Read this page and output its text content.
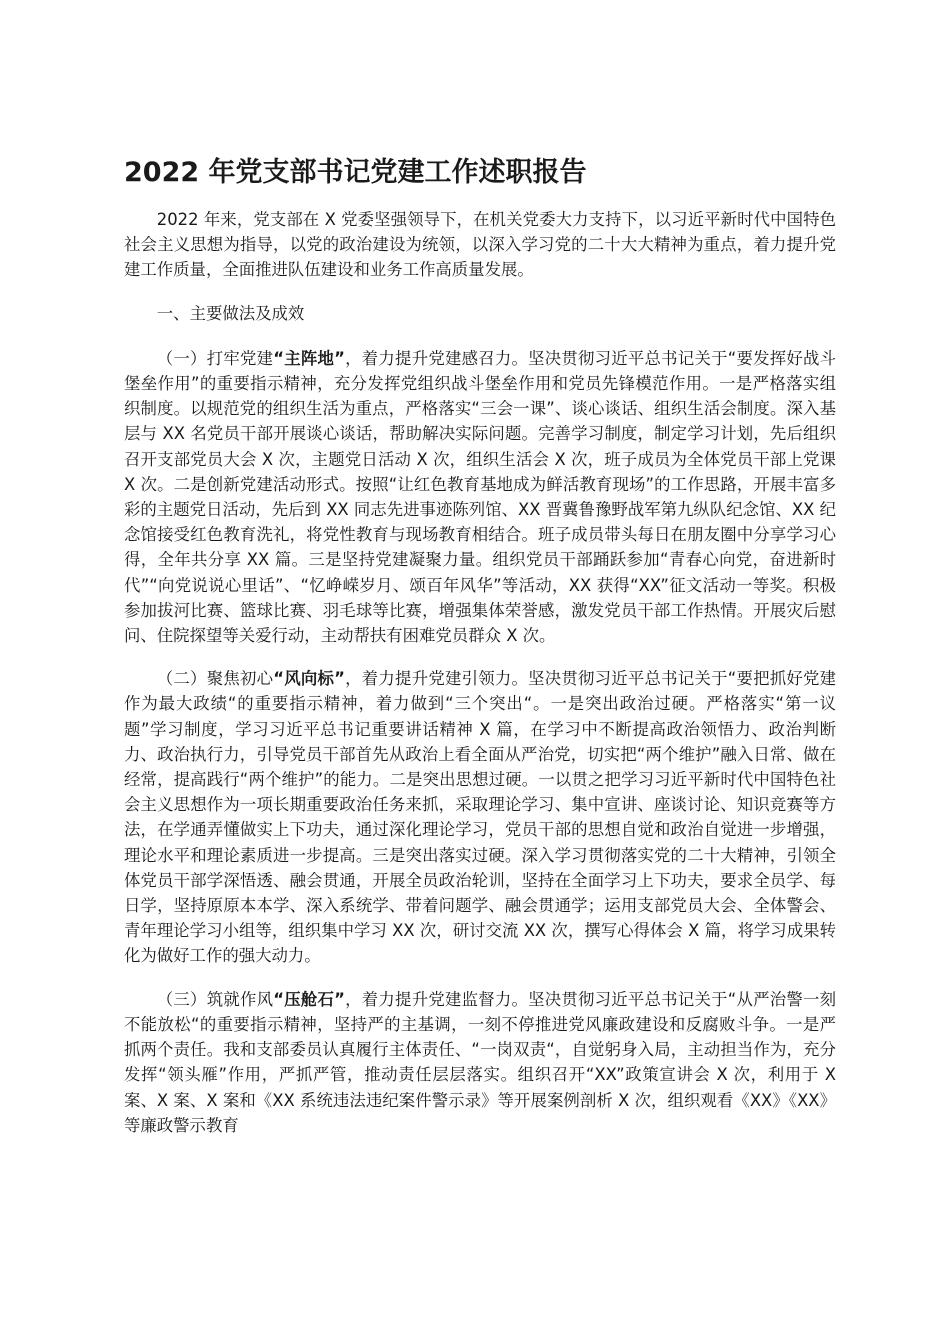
2022 年党支部书记党建工作述职报告

2022 年来，党支部在 X 党委坚强领导下，在机关党委大力支持下，以习近平新时代中国特色社会主义思想为指导，以党的政治建设为统领，以深入学习党的二十大大精神为重点，着力提升党建工作质量，全面推进队伍建设和业务工作高质量发展。

一、主要做法及成效

（一）打牢党建“主阵地”，着力提升党建感召力。坚决贯彻习近平总书记关于“要发挥好战斗堡垒作用”的重要指示精神，充分发挥党组织战斗堡垒作用和党员先锋模范作用。一是严格落实组织制度。以规范党的组织生活为重点，严格落实“三会一课”、谈心谈话、组织生活会制度。深入基层与 XX 名党员干部开展谈心谈话，帮助解决实际问题。完善学习制度，制定学习计划，先后组织召开支部党员大会 X 次，主题党日活动 X 次，组织生活会 X 次，班子成员为全体党员干部上党课 X 次。二是创新党建活动形式。按照“让红色教育基地成为鲜活教育现场”的工作思路，开展丰富多彩的主题党日活动，先后到 XX 同志先进事迹陈列馆、XX 晋冀鲁豫野战军第九纵队纪念馆、XX 纪念馆接受红色教育洗礼，将党性教育与现场教育相结合。班子成员带头每日在朋友圈中分享学习心得，全年共分享 XX 篇。三是坚持党建凝聚力量。组织党员干部踊跃参加“青春心向党，奋进新时代”“向党说说心里话”、“忆峥嵘岁月、颂百年风华”等活动，XX 获得“XX”征文活动一等奖。积极参加拔河比赛、篮球比赛、羽毛球等比赛，增强集体荣誉感，激发党员干部工作热情。开展灾后慰问、住院探望等关爱行动，主动帮扶有困难党员群众 X 次。

（二）聚焦初心“风向标”，着力提升党建引领力。坚决贯彻习近平总书记关于“要把抓好党建作为最大政绩“的重要指示精神，着力做到“三个突出“。一是突出政治过硬。严格落实“第一议题”学习制度，学习习近平总书记重要讲话精神 X 篇，在学习中不断提高政治领悟力、政治判断力、政治执行力，引导党员干部首先从政治上看全面从严治党，切实把“两个维护”融入日常、做在经常，提高践行“两个维护”的能力。二是突出思想过硬。一以贯之把学习习近平新时代中国特色社会主义思想作为一项长期重要政治任务来抓，采取理论学习、集中宣讲、座谈讨论、知识竞赛等方法，在学通弄懂做实上下功夫，通过深化理论学习，党员干部的思想自觉和政治自觉进一步增强，理论水平和理论素质进一步提高。三是突出落实过硬。深入学习贯彻落实党的二十大精神，引领全体党员干部学深悟透、融会贯通，开展全员政治轮训，坚持在全面学习上下功夫，要求全员学、每日学，坚持原原本本学、深入系统学、带着问题学、融会贯通学；运用支部党员大会、全体警会、青年理论学习小组等，组织集中学习 XX 次，研讨交流 XX 次，撰写心得体会 X 篇，将学习成果转化为做好工作的强大动力。

（三）筑就作风“压舱石”，着力提升党建监督力。坚决贯彻习近平总书记关于“从严治警一刻不能放松“的重要指示精神，坚持严的主基调，一刻不停推进党风廉政建设和反腐败斗争。一是严抓两个责任。我和支部委员认真履行主体责任、“一岗双责“，自觉躬身入局，主动担当作为，充分发挥“领头雁”作用，严抓严管，推动责任层层落实。组织召开“XX”政策宣讲会 X 次，利用于 X 案、X 案、X 案和《XX 系统违法违纪案件警示录》等开展案例剖析 X 次，组织观看《XX》《XX》等廉政警示教育
